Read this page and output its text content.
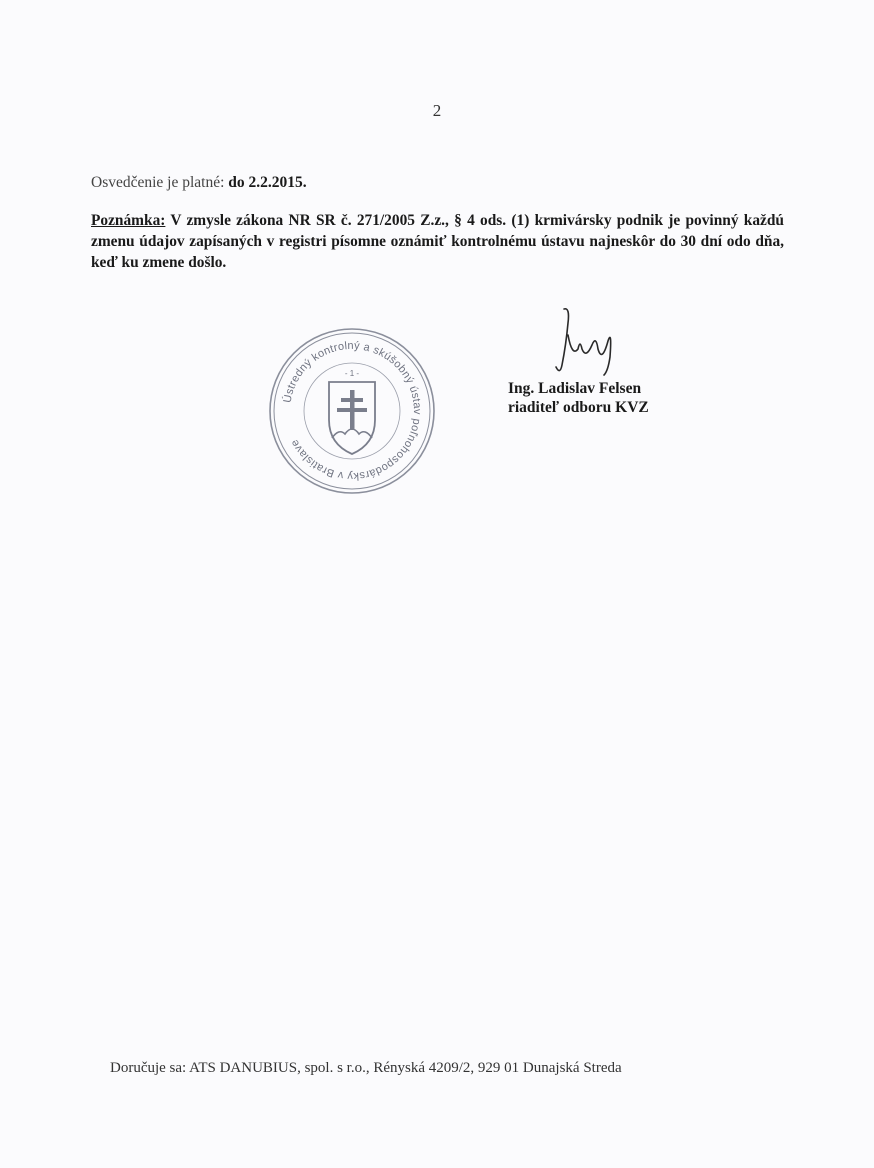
2
Osvedčenie je platné: do 2.2.2015.
Poznámka: V zmysle zákona NR SR č. 271/2005 Z.z., § 4 ods. (1) krmivársky podnik je povinný každú zmenu údajov zapísaných v registri písomne oznámiť kontrolnému ústavu najneskôr do 30 dní odo dňa, keď ku zmene došlo.
Ústredný kontrolný a skúšobný ústav poľnohospodársky v Bratislave
- 1 -
Ing. Ladislav Felsen
riaditeľ odboru KVZ
Doručuje sa: ATS DANUBIUS, spol. s r.o., Rényská 4209/2, 929 01 Dunajská Streda
